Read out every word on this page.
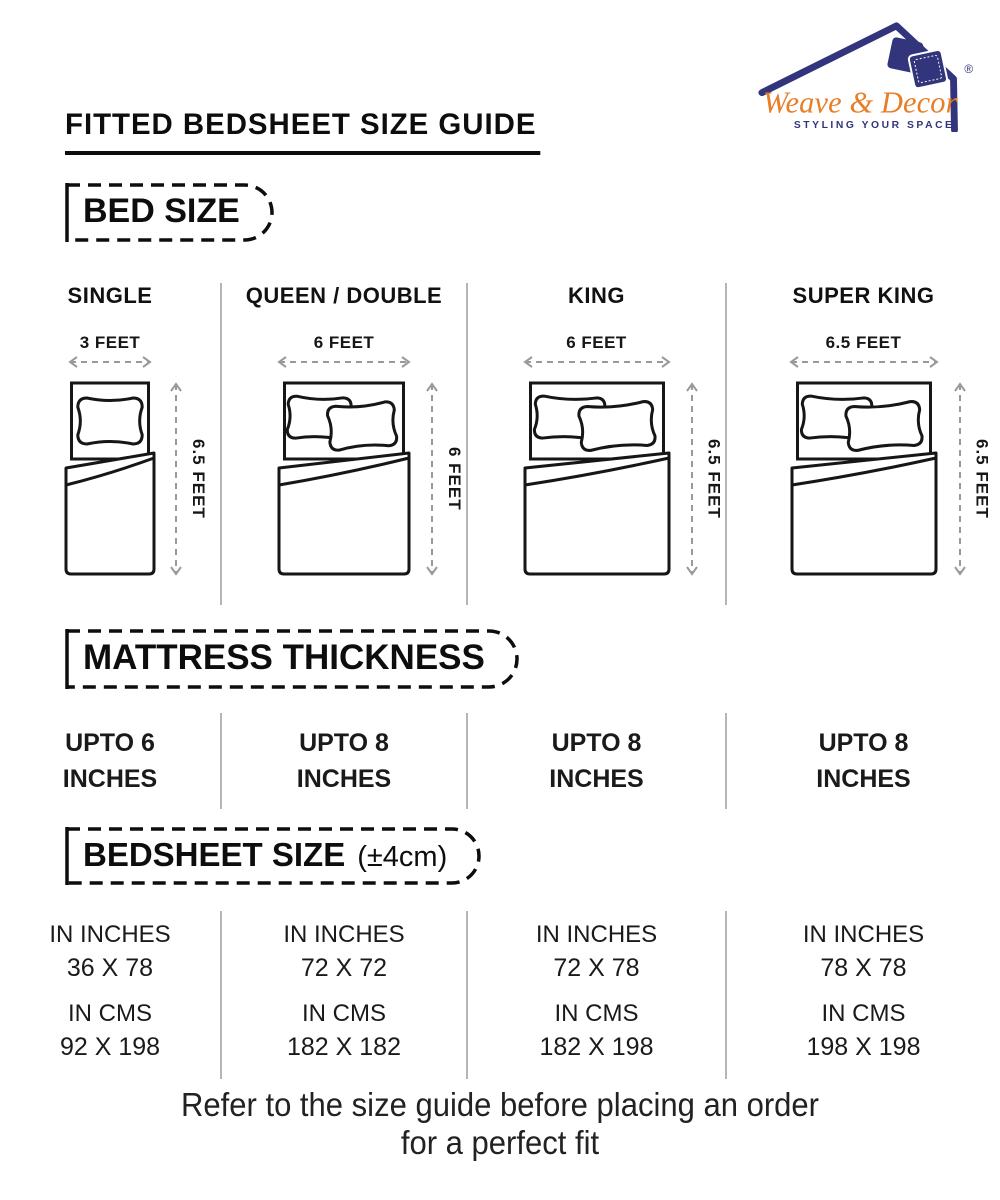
®
Weave & Decor
STYLING YOUR SPACE
FITTED BEDSHEET SIZE GUIDE
BED SIZE
SINGLE
3 FEET
6.5 FEET
QUEEN / DOUBLE
6 FEET
6 FEET
KING
6 FEET
6.5 FEET
SUPER KING
6.5 FEET
6.5 FEET
MATTRESS THICKNESS
UPTO 6
INCHES
UPTO 8
INCHES
UPTO 8
INCHES
UPTO 8
INCHES
BEDSHEET SIZE (±4cm)
IN INCHES
36 X 78
IN CMS
92 X 198
IN INCHES
72 X 72
IN CMS
182 X 182
IN INCHES
72 X 78
IN CMS
182 X 198
IN INCHES
78 X 78
IN CMS
198 X 198
Refer to the size guide before placing an order
for a perfect fit
